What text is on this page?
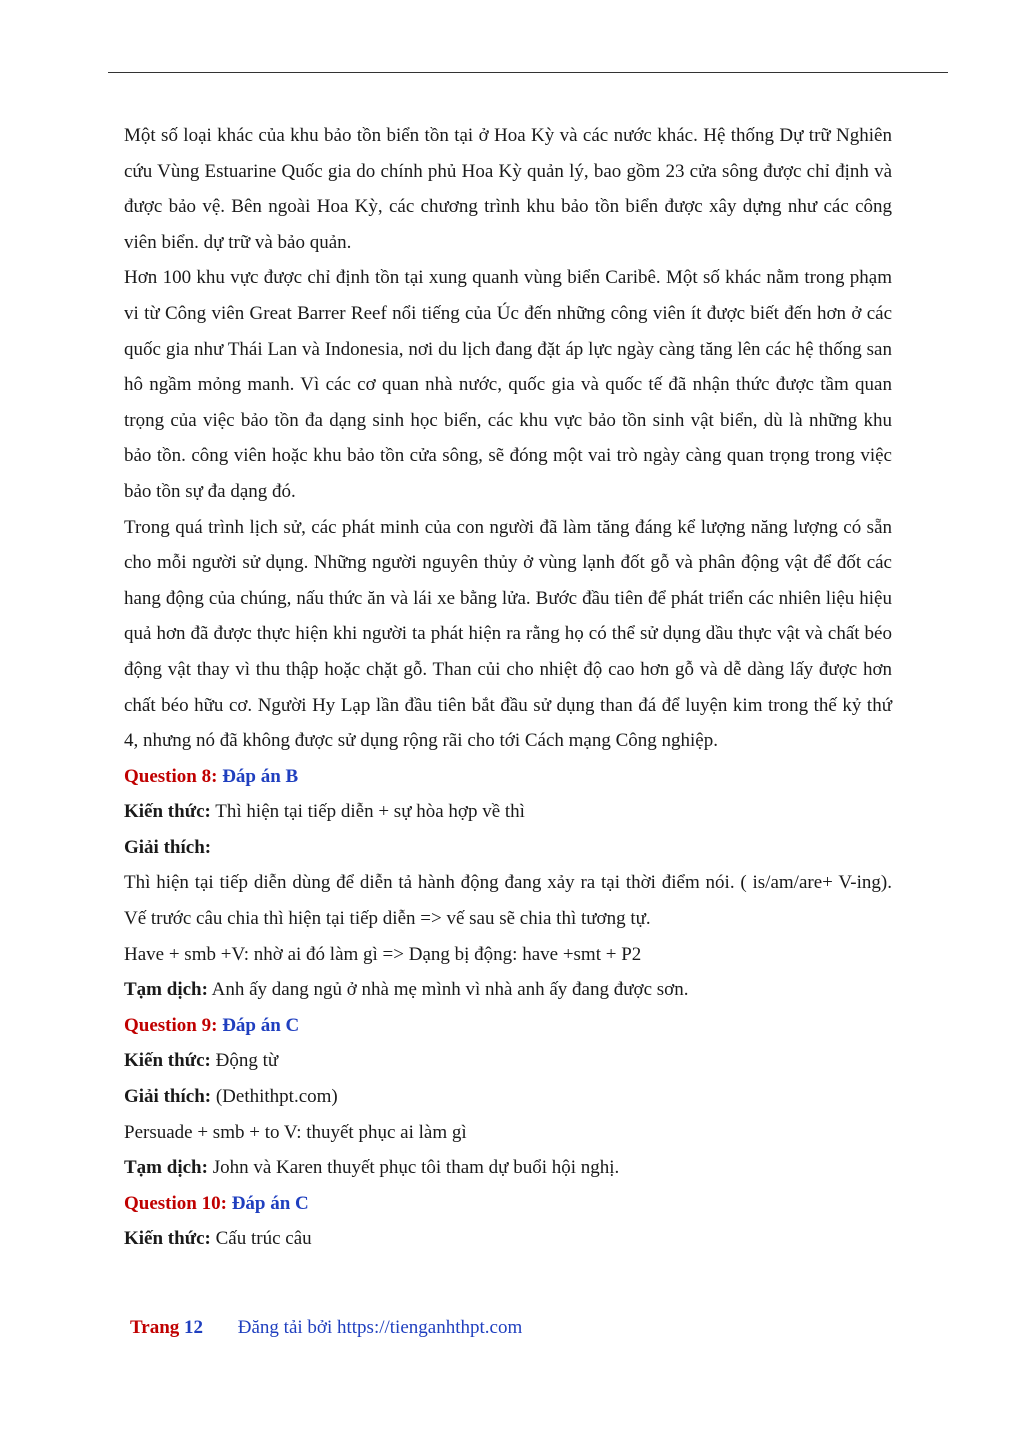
Một số loại khác của khu bảo tồn biển tồn tại ở Hoa Kỳ và các nước khác. Hệ thống Dự trữ Nghiên cứu Vùng Estuarine Quốc gia do chính phủ Hoa Kỳ quản lý, bao gồm 23 cửa sông được chỉ định và được bảo vệ. Bên ngoài Hoa Kỳ, các chương trình khu bảo tồn biển được xây dựng như các công viên biển. dự trữ và bảo quản.

Hơn 100 khu vực được chỉ định tồn tại xung quanh vùng biển Caribê. Một số khác nằm trong phạm vi từ Công viên Great Barrer Reef nổi tiếng của Úc đến những công viên ít được biết đến hơn ở các quốc gia như Thái Lan và Indonesia, nơi du lịch đang đặt áp lực ngày càng tăng lên các hệ thống san hô ngầm mỏng manh. Vì các cơ quan nhà nước, quốc gia và quốc tế đã nhận thức được tầm quan trọng của việc bảo tồn đa dạng sinh học biển, các khu vực bảo tồn sinh vật biển, dù là những khu bảo tồn. công viên hoặc khu bảo tồn cửa sông, sẽ đóng một vai trò ngày càng quan trọng trong việc bảo tồn sự đa dạng đó.

Trong quá trình lịch sử, các phát minh của con người đã làm tăng đáng kể lượng năng lượng có sẵn cho mỗi người sử dụng. Những người nguyên thủy ở vùng lạnh đốt gỗ và phân động vật để đốt các hang động của chúng, nấu thức ăn và lái xe bằng lửa. Bước đầu tiên để phát triển các nhiên liệu hiệu quả hơn đã được thực hiện khi người ta phát hiện ra rằng họ có thể sử dụng dầu thực vật và chất béo động vật thay vì thu thập hoặc chặt gỗ. Than củi cho nhiệt độ cao hơn gỗ và dễ dàng lấy được hơn chất béo hữu cơ. Người Hy Lạp lần đầu tiên bắt đầu sử dụng than đá để luyện kim trong thế kỷ thứ 4, nhưng nó đã không được sử dụng rộng rãi cho tới Cách mạng Công nghiệp.

Question 8: Đáp án B

Kiến thức: Thì hiện tại tiếp diễn + sự hòa hợp về thì

Giải thích:

Thì hiện tại tiếp diễn dùng để diễn tả hành động đang xảy ra tại thời điểm nói. ( is/am/are+ V-ing). Vế trước câu chia thì hiện tại tiếp diễn => vế sau sẽ chia thì tương tự.

Have + smb +V: nhờ ai đó làm gì => Dạng bị động: have +smt + P2

Tạm dịch: Anh ấy dang ngủ ở nhà mẹ mình vì nhà anh ấy đang được sơn.

Question 9: Đáp án C

Kiến thức: Động từ

Giải thích: (Dethithpt.com)

Persuade + smb + to V: thuyết phục ai làm gì

Tạm dịch: John và Karen thuyết phục tôi tham dự buổi hội nghị.

Question 10: Đáp án C

Kiến thức: Cấu trúc câu

Trang 12 Đăng tải bởi https://tienganhthpt.com
